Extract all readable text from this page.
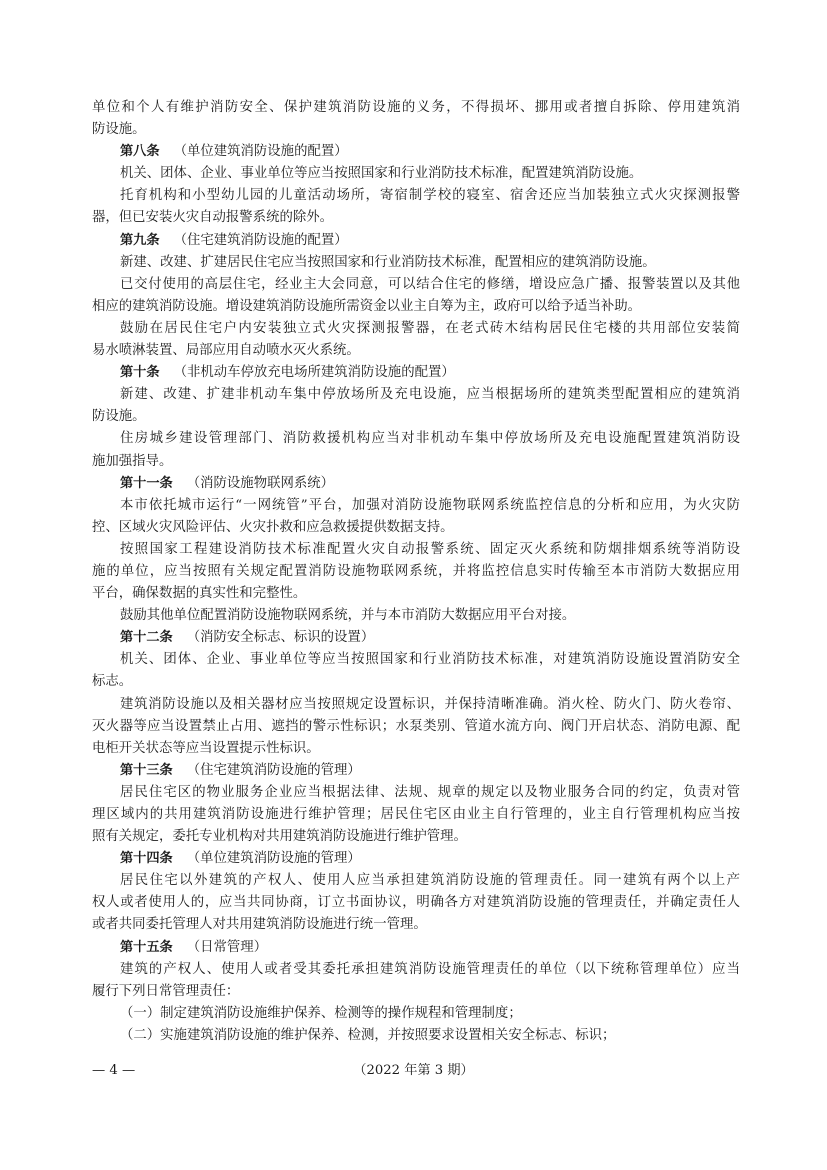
单位和个人有维护消防安全、保护建筑消防设施的义务，不得损坏、挪用或者擅自拆除、停用建筑消
防设施。
第八条 （单位建筑消防设施的配置）
机关、团体、企业、事业单位等应当按照国家和行业消防技术标准，配置建筑消防设施。
托育机构和小型幼儿园的儿童活动场所，寄宿制学校的寝室、宿舍还应当加装独立式火灾探测报警
器，但已安装火灾自动报警系统的除外。
第九条 （住宅建筑消防设施的配置）
新建、改建、扩建居民住宅应当按照国家和行业消防技术标准，配置相应的建筑消防设施。
已交付使用的高层住宅，经业主大会同意，可以结合住宅的修缮，增设应急广播、报警装置以及其他
相应的建筑消防设施。增设建筑消防设施所需资金以业主自筹为主，政府可以给予适当补助。
鼓励在居民住宅户内安装独立式火灾探测报警器，在老式砖木结构居民住宅楼的共用部位安装简
易水喷淋装置、局部应用自动喷水灭火系统。
第十条 （非机动车停放充电场所建筑消防设施的配置）
新建、改建、扩建非机动车集中停放场所及充电设施，应当根据场所的建筑类型配置相应的建筑消
防设施。
住房城乡建设管理部门、消防救援机构应当对非机动车集中停放场所及充电设施配置建筑消防设
施加强指导。
第十一条 （消防设施物联网系统）
本市依托城市运行“一网统管”平台，加强对消防设施物联网系统监控信息的分析和应用，为火灾防
控、区域火灾风险评估、火灾扑救和应急救援提供数据支持。
按照国家工程建设消防技术标准配置火灾自动报警系统、固定灭火系统和防烟排烟系统等消防设
施的单位，应当按照有关规定配置消防设施物联网系统，并将监控信息实时传输至本市消防大数据应用
平台，确保数据的真实性和完整性。
鼓励其他单位配置消防设施物联网系统，并与本市消防大数据应用平台对接。
第十二条 （消防安全标志、标识的设置）
机关、团体、企业、事业单位等应当按照国家和行业消防技术标准，对建筑消防设施设置消防安全
标志。
建筑消防设施以及相关器材应当按照规定设置标识，并保持清晰准确。消火栓、防火门、防火卷帘、
灭火器等应当设置禁止占用、遮挡的警示性标识；水泵类别、管道水流方向、阀门开启状态、消防电源、配
电柜开关状态等应当设置提示性标识。
第十三条 （住宅建筑消防设施的管理）
居民住宅区的物业服务企业应当根据法律、法规、规章的规定以及物业服务合同的约定，负责对管
理区域内的共用建筑消防设施进行维护管理；居民住宅区由业主自行管理的，业主自行管理机构应当按
照有关规定，委托专业机构对共用建筑消防设施进行维护管理。
第十四条 （单位建筑消防设施的管理）
居民住宅以外建筑的产权人、使用人应当承担建筑消防设施的管理责任。同一建筑有两个以上产
权人或者使用人的，应当共同协商，订立书面协议，明确各方对建筑消防设施的管理责任，并确定责任人
或者共同委托管理人对共用建筑消防设施进行统一管理。
第十五条 （日常管理）
建筑的产权人、使用人或者受其委托承担建筑消防设施管理责任的单位（以下统称管理单位）应当
履行下列日常管理责任：
（一）制定建筑消防设施维护保养、检测等的操作规程和管理制度；
（二）实施建筑消防设施的维护保养、检测，并按照要求设置相关安全标志、标识；
— 4 —	（2022 年第 3 期）
